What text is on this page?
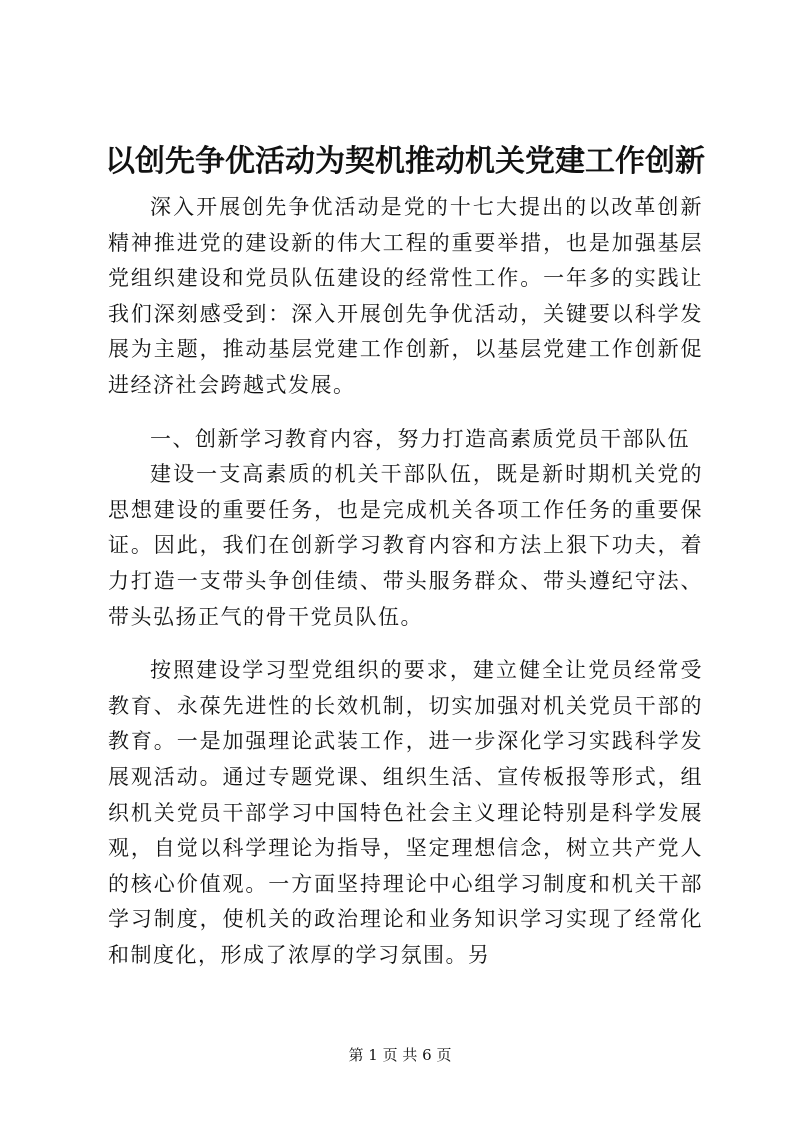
以创先争优活动为契机推动机关党建工作创新

深入开展创先争优活动是党的十七大提出的以改革创新精神推进党的建设新的伟大工程的重要举措，也是加强基层党组织建设和党员队伍建设的经常性工作。一年多的实践让我们深刻感受到：深入开展创先争优活动，关键要以科学发展为主题，推动基层党建工作创新，以基层党建工作创新促进经济社会跨越式发展。

一、创新学习教育内容，努力打造高素质党员干部队伍

建设一支高素质的机关干部队伍，既是新时期机关党的思想建设的重要任务，也是完成机关各项工作任务的重要保证。因此，我们在创新学习教育内容和方法上狠下功夫，着力打造一支带头争创佳绩、带头服务群众、带头遵纪守法、带头弘扬正气的骨干党员队伍。

按照建设学习型党组织的要求，建立健全让党员经常受教育、永葆先进性的长效机制，切实加强对机关党员干部的教育。一是加强理论武装工作，进一步深化学习实践科学发展观活动。通过专题党课、组织生活、宣传板报等形式，组织机关党员干部学习中国特色社会主义理论特别是科学发展观，自觉以科学理论为指导，坚定理想信念，树立共产党人的核心价值观。一方面坚持理论中心组学习制度和机关干部学习制度，使机关的政治理论和业务知识学习实现了经常化和制度化，形成了浓厚的学习氛围。另

第 1 页 共 6 页
